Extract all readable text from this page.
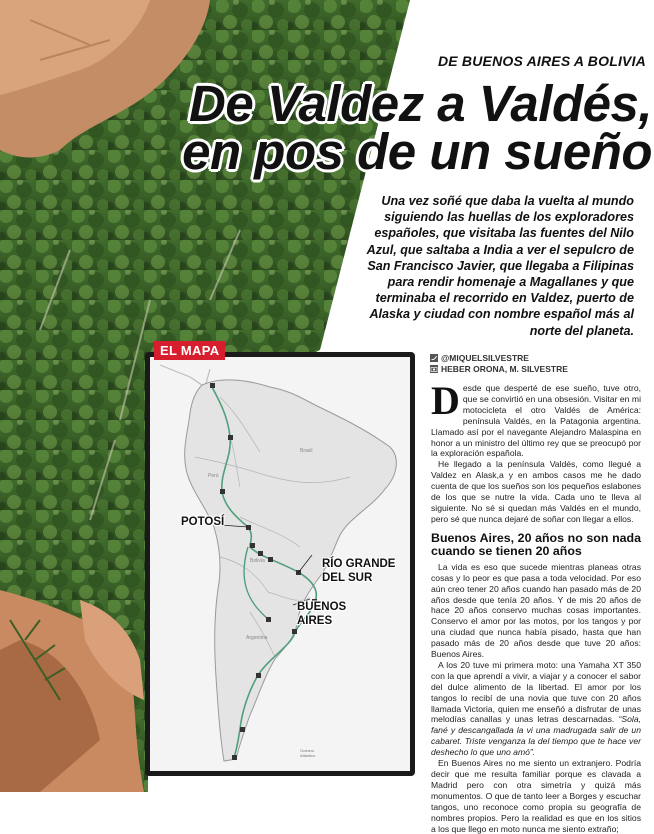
DE BUENOS AIRES A BOLIVIA
De Valdez a Valdés,
en pos de un sueño
Una vez soñé que daba la vuelta al mundo siguiendo las huellas de los exploradores españoles, que visitaba las fuentes del Nilo Azul, que saltaba a India a ver el sepulcro de San Francisco Javier, que llegaba a Filipinas para rendir homenaje a Magallanes y que terminaba el recorrido en Valdez, puerto de Alaska y ciudad con nombre español más al norte del planeta.
Brasil
Perú
Bolivia
Argentina
Océano
Atlántico
EL MAPA
POTOSÍ
RÍO GRANDE
DEL SUR
BUENOS
AIRES
@MIQUELSILVESTRE
HEBER ORONA, M. SILVESTRE

Desde que desperté de ese sueño, tuve otro, que se convirtió en una obsesión. Visitar en mi motocicleta el otro Valdés de América: península Valdés, en la Patagonia argentina. Llamado así por el navegante Alejandro Malaspina en honor a un ministro del último rey que se preocupó por la exploración española.

He llegado a la península Valdés, como llegué a Valdez en Alask,a y en ambos casos me he dado cuenta de que los sueños son los pequeños eslabones de los que se nutre la vida. Cada uno te lleva al siguiente. No sé si quedan más Valdés en el mundo, pero sé que nunca dejaré de soñar con llegar a ellos.

Buenos Aires, 20 años no son nada cuando se tienen 20 años

La vida es eso que sucede mientras planeas otras cosas y lo peor es que pasa a toda velocidad. Por eso aún creo tener 20 años cuando han pasado más de 20 años desde que tenía 20 años. Y de mis 20 años de hace 20 años conservo muchas cosas importantes. Conservo el amor por las motos, por los tangos y por una ciudad que nunca había pisado, hasta que han pasado más de 20 años desde que tuve 20 años: Buenos Aires.

A los 20 tuve mi primera moto: una Yamaha XT 350 con la que aprendí a vivir, a viajar y a conocer el sabor del dulce alimento de la libertad. El amor por los tangos lo recibí de una novia que tuve con 20 años llamada Victoria, quien me enseñó a disfrutar de unas melodías canallas y unas letras descarnadas. “Sola, fané y descangallada la vi una madrugada salir de un cabaret. Triste venganza la del tiempo que te hace ver deshecho lo que uno amó”.

En Buenos Aires no me siento un extranjero. Podría decir que me resulta familiar porque es clavada a Madrid pero con otra simetría y quizá más monumentos. O que de tanto leer a Borges y escuchar tangos, uno reconoce como propia su geografía de nombres propios. Pero la realidad es que en los sitios a los que llego en moto nunca me siento extraño;
